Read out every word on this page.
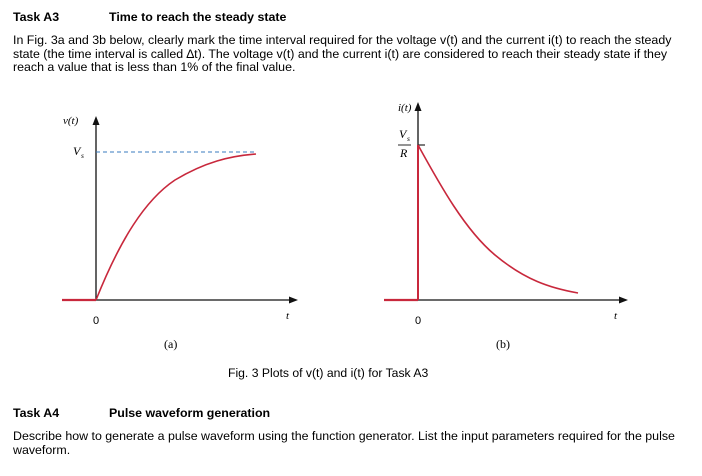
Task A3	Time to reach the steady state
In Fig. 3a and 3b below, clearly mark the time interval required for the voltage v(t) and the current i(t) to reach the steady state (the time interval is called ∆t). The voltage v(t) and the current i(t) are considered to reach their steady state if they reach a value that is less than 1% of the final value.
v(t)
V s
0	t
(a)
i(t)
V s
R
0	t
(b)
Fig. 3 Plots of v(t) and i(t) for Task A3
Task A4	Pulse waveform generation
Describe how to generate a pulse waveform using the function generator. List the input parameters required for the pulse waveform.
